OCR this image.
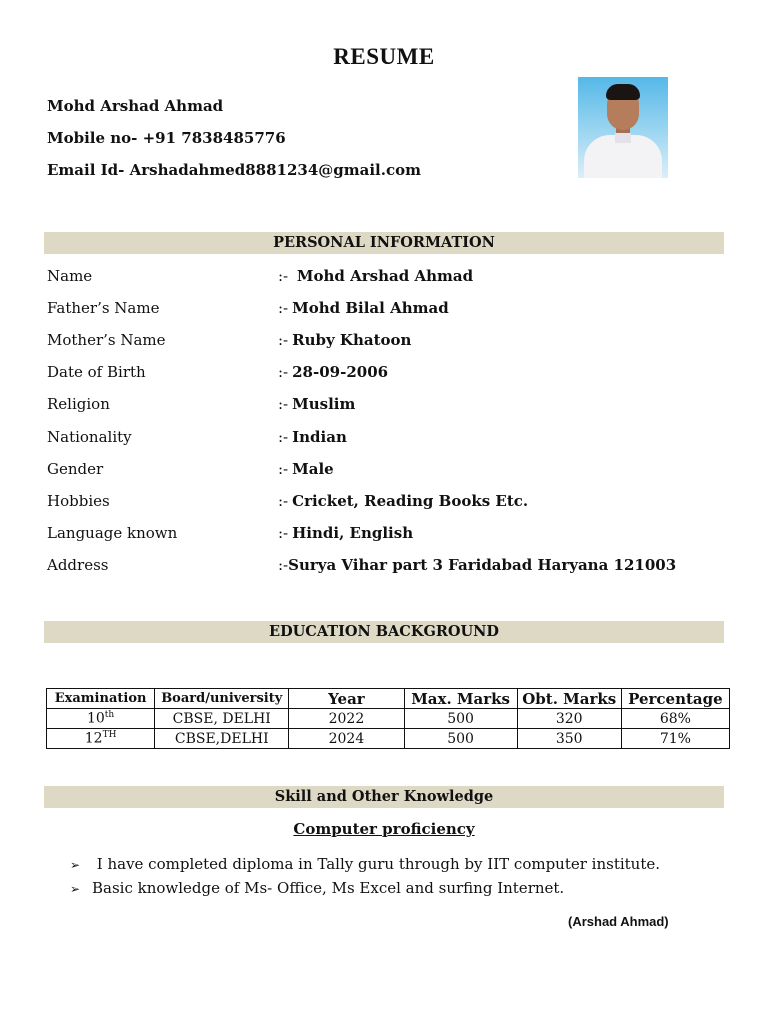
RESUME
Mohd Arshad Ahmad
Mobile no- +91 7838485776
Email Id- Arshadahmed8881234@gmail.com
PERSONAL INFORMATION
Name	:- Mohd Arshad Ahmad
Father’s Name	:- Mohd Bilal Ahmad
Mother’s Name	:- Ruby Khatoon
Date of Birth	:- 28-09-2006
Religion	:- Muslim
Nationality	:- Indian
Gender	:- Male
Hobbies	:- Cricket, Reading Books Etc.
Language known	:- Hindi, English
Address	:-Surya Vihar part 3 Faridabad Haryana 121003
EDUCATION BACKGROUND
Examination	Board/university	Year	Max. Marks	Obt. Marks	Percentage
10th	CBSE, DELHI	2022	500	320	68%
12TH	CBSE,DELHI	2024	500	350	71%
Skill and Other Knowledge
Computer proficiency
➢ I have completed diploma in Tally guru through by IIT computer institute.
➢ Basic knowledge of Ms- Office, Ms Excel and surfing Internet.
(Arshad Ahmad)
